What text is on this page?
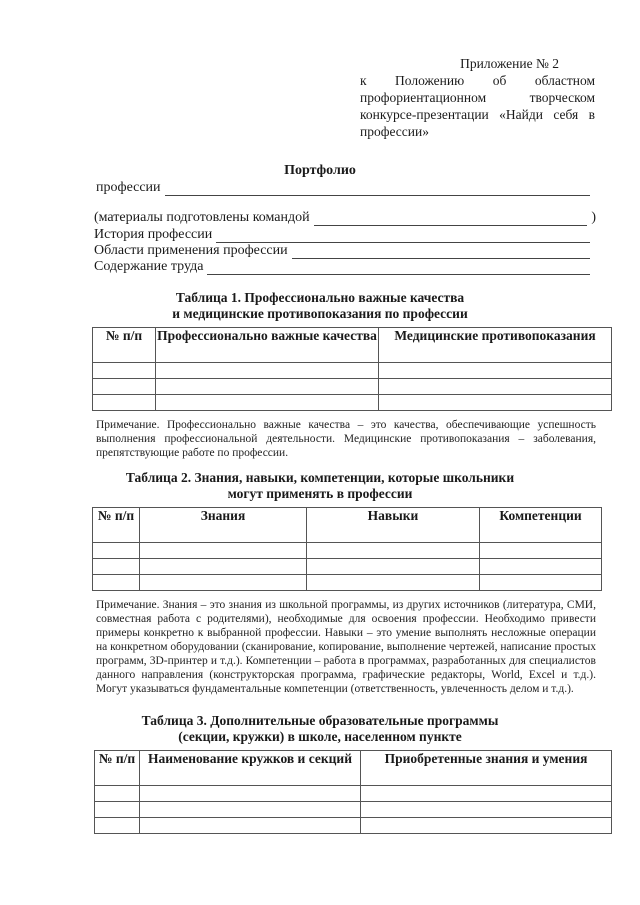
Приложение № 2
к Положению об областном профориентационном творческом конкурсе-презентации «Найди себя в профессии»
Портфолио
профессии
(материалы подготовлены командой	)
История профессии
Области применения профессии
Содержание труда
Таблица 1. Профессионально важные качества
и медицинские противопоказания по профессии
№ п/п	Профессионально важные качества	Медицинские противопоказания

Примечание. Профессионально важные качества – это качества, обеспечивающие успешность выполнения профессиональной деятельности. Медицинские противопоказания – заболевания, препятствующие работе по профессии.
Таблица 2. Знания, навыки, компетенции, которые школьники
могут применять в профессии
№ п/п	Знания	Навыки	Компетенции

Примечание. Знания – это знания из школьной программы, из других источников (литература, СМИ, совместная работа с родителями), необходимые для освоения профессии. Необходимо привести примеры конкретно к выбранной профессии. Навыки – это умение выполнять несложные операции на конкретном оборудовании (сканирование, копирование, выполнение чертежей, написание простых программ, 3D-принтер и т.д.). Компетенции – работа в программах, разработанных для специалистов данного направления (конструкторская программа, графические редакторы, World, Excel и т.д.). Могут указываться фундаментальные компетенции (ответственность, увлеченность делом и т.д.).
Таблица 3. Дополнительные образовательные программы
(секции, кружки) в школе, населенном пункте
№ п/п	Наименование кружков и секций	Приобретенные знания и умения
